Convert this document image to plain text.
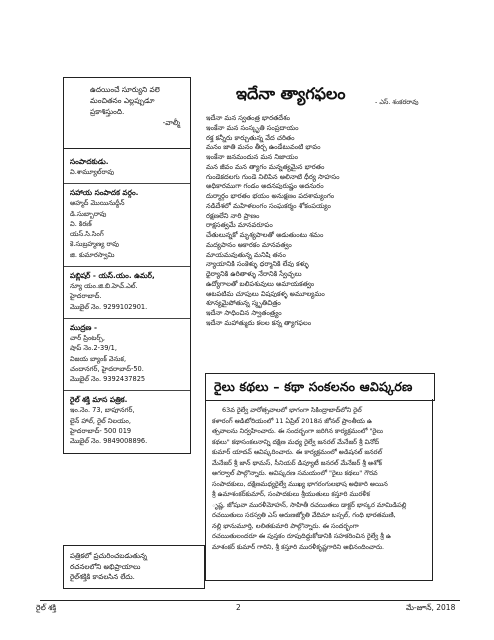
ఉదయించే సూర్యుని వలె
మంచితనం ఎల్లప్పుడూ
ప్రకాశిస్తుంది.
-వాల్మీ
సంపాదకుడు.
వి.శామ్యూల్‌రావు
సహాయ సంపాదక వర్గం.
అహ్మద్‌ మొయినుద్దీన్‌
డి.సుబ్బారావు
వి. కిరణ్‌
యస్‌.సి.సింగ్‌
కె.సుబ్రహ్మణ్య రావు
జి. కుమారస్వామి
పబ్లిషర్‌ - యస్‌.యం. ఉమర్‌,
న్యూ యం.జి.బి.హెచ్‌.ఎల్‌.
హైదరాబాద్‌.
మొబైల్‌ నెం. 9299102901.
ముద్రణ -
చార్ ప్రింటర్స్‌,
షాప్ నెం.2-39/1,
విజయ బ్యాంక్‌ వెనుక,
చందానగర్‌, హైదరాబాద్‌-50.
మొబైల్‌ నెం. 9392437825
రైల్‌ శక్తి మాస పత్రిక.
ఇం.నెం. 73, బాపూనగర్‌,
లైన్‌ హాల్‌, రైల్‌ నిలయం,
హైదరాబాద్‌- 500 019
మొబైల్‌ నెం. 9849008896.
పత్రికలో ప్రచురించబడుతున్న
రచనలలోని అభిప్రాయాలు
రైల్‌శక్తికి కావలసిన లేదు.
ఇదేనా త్యాగఫలం	- ఎస్‌. శంకరరావు
ఇదేనా మన స్వతంత్ర భారతదేశం
ఇంకేనా మన సంస్కృతి సంప్రదాయం
రక్త కన్నీరు కార్చుతున్న వేద చరితం
మనం జాతి మనం తీర్చ ఉండేటువంటి భావం
ఇంకేనా జనమందున మన నిజాయం
మన జీవం మన త్యాగం మన్నత్యమైన భారతం
గుండెకదలగు గుండె నిలిపిన అలినాటి ధీర్య సాహసం
అధికారముగా గండం అదనపురుష్ణం అదనురం
దుర్మార్గం భారతం భయం అనుక్షణం పదశామ్యంగం
నడిదేశలో మహిళలంగం సంఘకర్మం శోకంపయ్యం
రక్షణలేని నారి ప్రాణం
రాక్షసత్వమే మానవరూపం
చేతులున్నకో మృశ్యపాలతో అడుతుంటు శమం
మద్యపానం అకారకం మానవత్వం
మాయమవుతున్న మనిషి తనం
న్యాయానికి సంకెళ్ళు ధర్మానికి లేవు కళ్ళు
ధైర్యానికి ఉరితాళ్ళు నేరానికి స్వేచ్ఛలు
ఉద్యోగాలతో బలిపశువులు అమాయకత్వం
ఆటపటిమ చూపులు విషపుకళ్ళ అమూల్యమం
శూన్యమైపోతున్న స్మృతిచిత్రం
ఇదేనా సాధించిన స్వాతంత్ర్యం
ఇదేనా మహాత్ముదు కలల కన్న త్యాగఫలం
రైలు కథలు – కథా సంకలనం ఆవిష్కరణ
63వ రైల్వే వారోత్సవాలలో భాగంగా సికింద్రాబాద్‌లోని రైల్
కళారంగ్‌ ఆడిటోరియంలో 11 ఏప్రిల్‌ 2018న జోనల్‌ ప్రాంతీయ ఉ
త్సవాలను నిర్వహించారు. ఈ సందర్భంగా జరిగిన కార్యక్రమంలో "రైలు
కథలు" కథాసంకలనాన్ని దక్షిణ మధ్య రైల్వే జనరల్‌ మేనేజర్‌ శ్రీ వినోద్‌
కుమార్‌ యాదవ్‌ ఆవిష్కరించారు. ఈ కార్యక్రమంలో అడిషనల్‌ జనరల్‌
మేనేజర్‌ శ్రీ జాన్‌ థామస్‌, సీనియర్‌ డిప్యూటీ జనరల్‌ మేనేజర్‌ శ్రీ అశోక్‌
అగర్వాల్‌ పాల్గొన్నారు. ఆవిష్కరణ సమయంలో "రైలు కథలు" గౌరవ
సంపాదకులు, దక్షిణమధ్యరైల్వే ముఖ్య భాగరంగులభాష అధికారి అయిన
శ్రీ ఉమాశంకర్‌కుమార్‌, సంపాదకులు శ్రీయుతులు కస్తూరి మురళీక
ృష్ణ, జోషువా మురళీమోహన్‌, సాహితీ రచయితలు డాక్టర్‌ భాస్కర మామిడిపల్లి
రచయితులు సరస్వతి ఎస్‌ అరుణజ్యోతి వేదిమా బస్సల్‌, గంధి భారతమణి,
నల్లి భానుమూర్తి, లలితకుమారి పాల్గొన్నారు. ఈ సందర్భంగా
రచయితులందరూ ఈ పుస్తకం రూపుదిద్దుకోడానికి సహకరించిన రైల్వే శ్రీ ఉ
మాశంకర్‌ కుమార్‌ గారిని, శ్రీ కస్తూరి మురళీకృష్ణగారిని అభినందించారు.
రైల్‌ శక్తి	2	మే-జూన్‌, 2018
